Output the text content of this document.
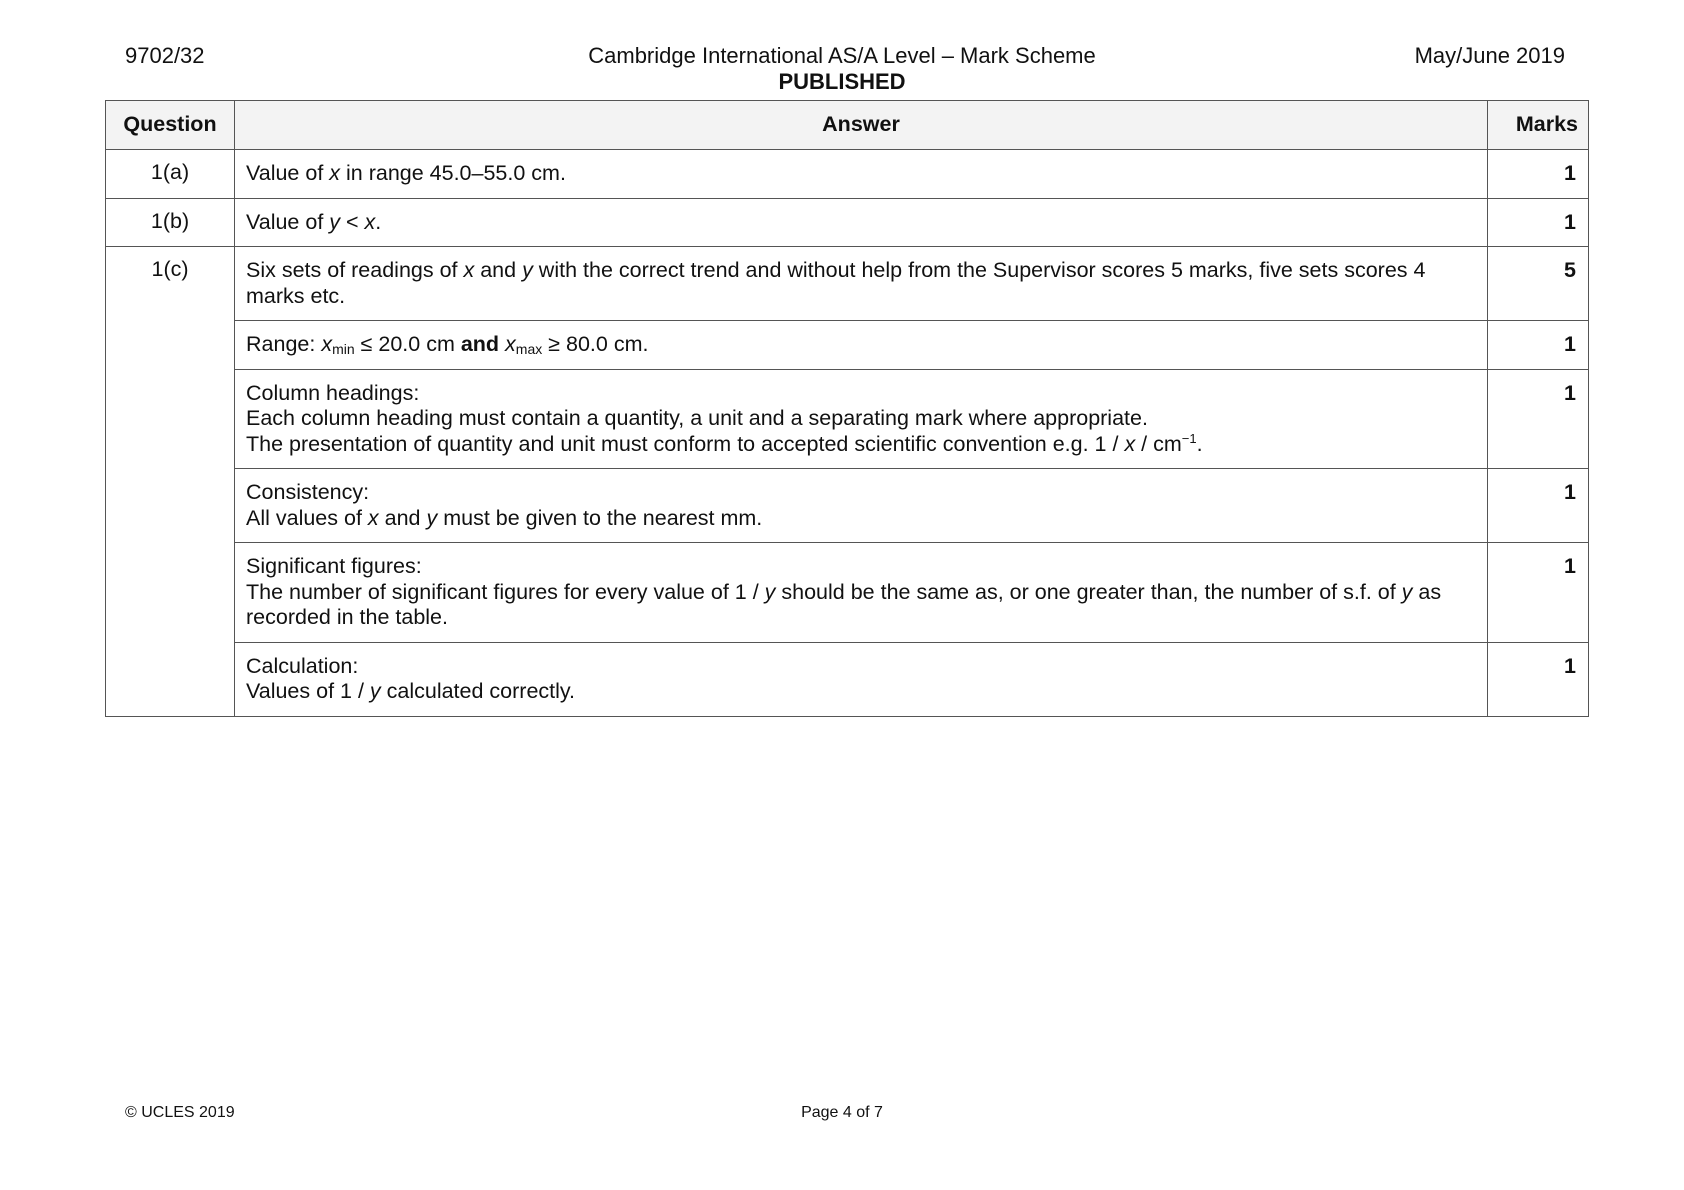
9702/32	Cambridge International AS/A Level – Mark Scheme
PUBLISHED
May/June 2019
Question	Answer	Marks
1(a)	Value of x in range 45.0–55.0 cm.	1
1(b)	Value of y < x.	1
1(c)	Six sets of readings of x and y with the correct trend and without help from the Supervisor scores 5 marks, five sets scores 4 marks etc.	5
	Range: $x_{min} \le 20.0$ cm and $x_{max} \ge 80.0$ cm.	1

	Column headings:
Each column heading must contain a quantity, a unit and a separating mark where appropriate.
The presentation of quantity and unit must conform to accepted scientific convention e.g. 1 / x / $cm^{-1}$.	1

	Consistency:
All values of x and y must be given to the nearest mm.	1

	Significant figures:
The number of significant figures for every value of 1 / y should be the same as, or one greater than, the number of s.f. of y as recorded in the table.	1

	Calculation:
Values of 1 / y calculated correctly.	1
© UCLES 2019	Page 4 of 7
